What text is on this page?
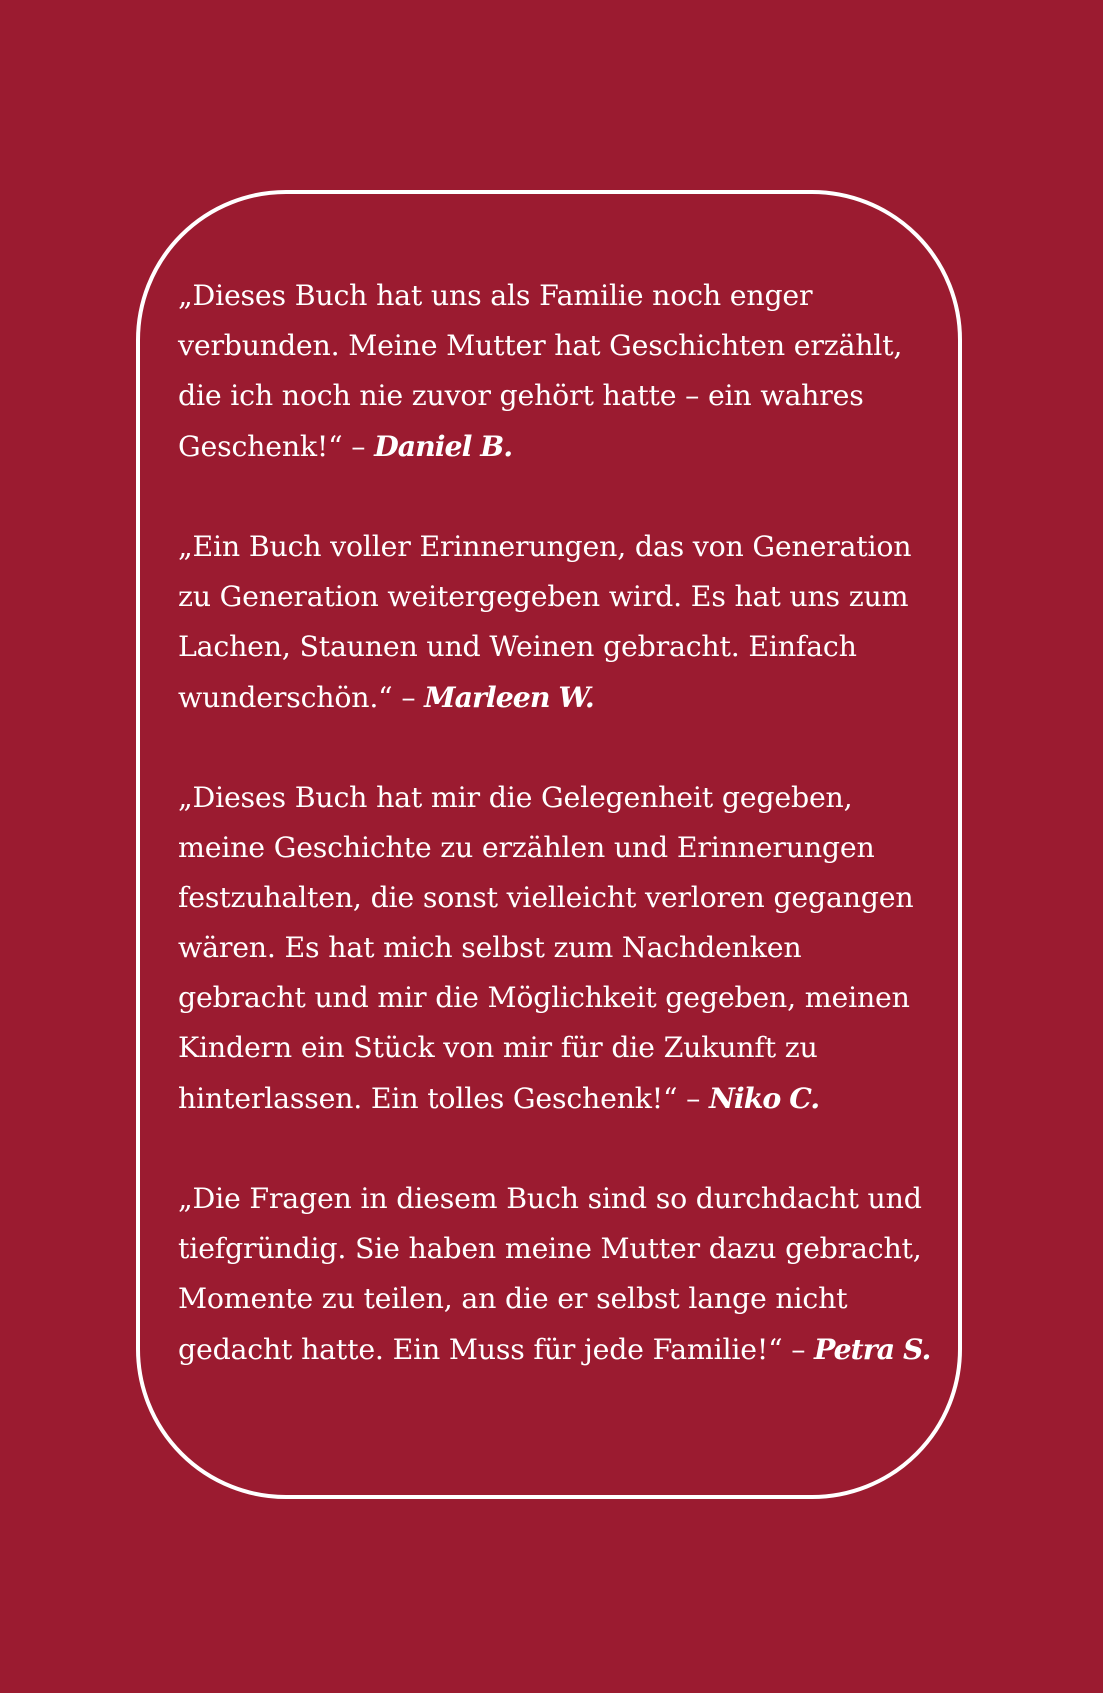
„Dieses Buch hat uns als Familie noch enger
verbunden. Meine Mutter hat Geschichten erzählt,
die ich noch nie zuvor gehört hatte – ein wahres
Geschenk!“ – Daniel B.

„Ein Buch voller Erinnerungen, das von Generation
zu Generation weitergegeben wird. Es hat uns zum
Lachen, Staunen und Weinen gebracht. Einfach
wunderschön.“ – Marleen W.

„Dieses Buch hat mir die Gelegenheit gegeben,
meine Geschichte zu erzählen und Erinnerungen
festzuhalten, die sonst vielleicht verloren gegangen
wären. Es hat mich selbst zum Nachdenken
gebracht und mir die Möglichkeit gegeben, meinen
Kindern ein Stück von mir für die Zukunft zu
hinterlassen. Ein tolles Geschenk!“ – Niko C.

„Die Fragen in diesem Buch sind so durchdacht und
tiefgründig. Sie haben meine Mutter dazu gebracht,
Momente zu teilen, an die er selbst lange nicht
gedacht hatte. Ein Muss für jede Familie!“ – Petra S.
